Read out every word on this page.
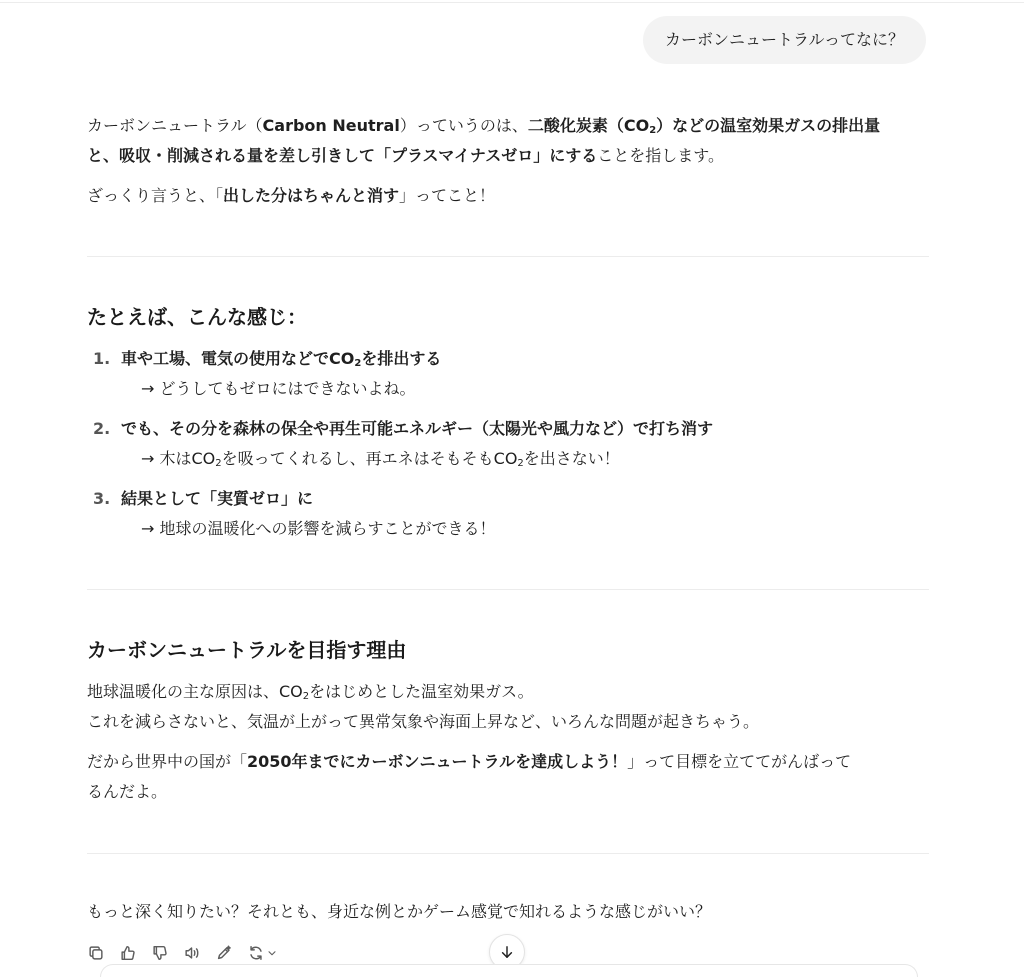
カーボンニュートラルってなに？

カーボンニュートラル（Carbon Neutral）っていうのは、二酸化炭素$(CO_2)$などの温室効果ガスの排出量
と、吸収・削減される量を差し引きして「プラスマイナスゼロ」にすることを指します。

ざっくり言うと、「出した分はちゃんと消す」ってこと！

たとえば、こんな感じ：
1. 車や工場、電気の使用などで$CO_2$を排出する
→ どうしてもゼロにはできないよね。
2. でも、その分を森林の保全や再生可能エネルギー（太陽光や風力など）で打ち消す
→ 木は$CO_2$を吸ってくれるし、再エネはそもそも$CO_2$を出さない！
3. 結果として「実質ゼロ」に
→ 地球の温暖化への影響を減らすことができる！
カーボンニュートラルを目指す理由

地球温暖化の主な原因は、$CO_2$をはじめとした温室効果ガス。
これを減らさないと、気温が上がって異常気象や海面上昇など、いろんな問題が起きちゃう。

だから世界中の国が「2050年までにカーボンニュートラルを達成しよう！」って目標を立ててがんばって
るんだよ。

もっと深く知りたい？それとも、身近な例とかゲーム感覚で知れるような感じがいい？
